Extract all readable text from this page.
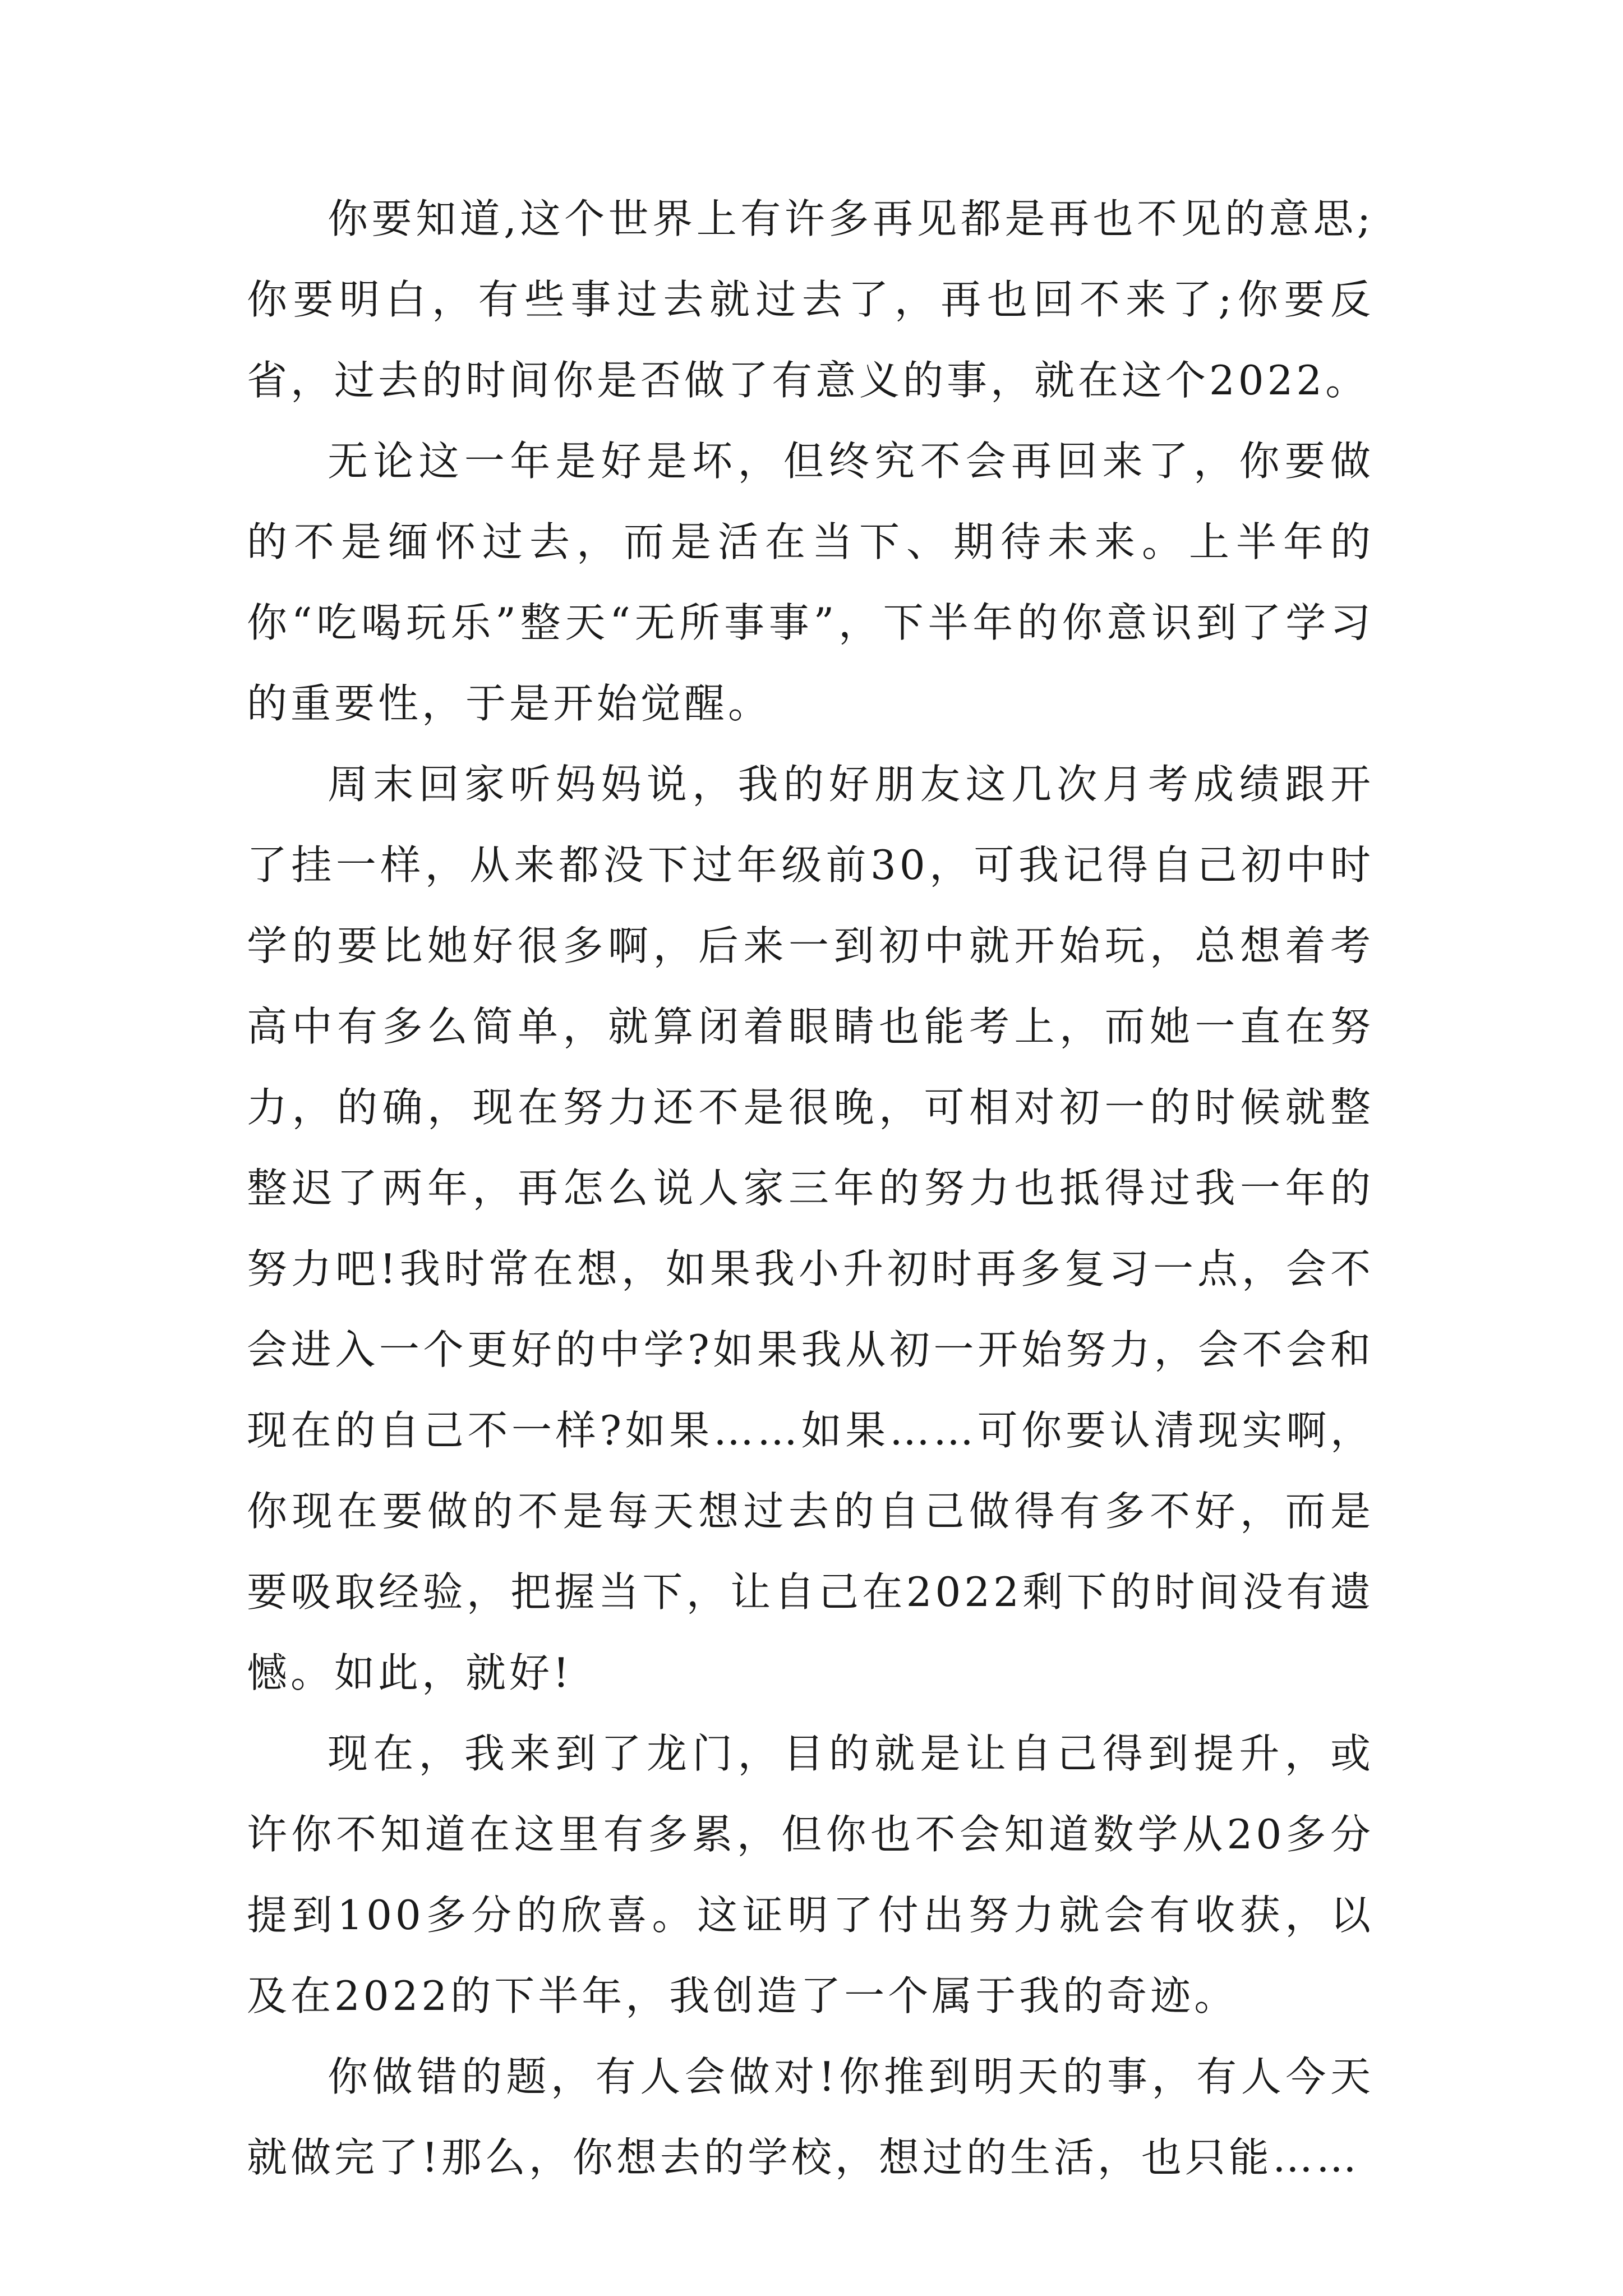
你要知道,这个世界上有许多再见都是再也不见的意思;你要明白，有些事过去就过去了，再也回不来了;你要反省，过去的时间你是否做了有意义的事，就在这个2022。

无论这一年是好是坏，但终究不会再回来了，你要做的不是缅怀过去，而是活在当下、期待未来。上半年的你“吃喝玩乐”整天“无所事事”，下半年的你意识到了学习的重要性，于是开始觉醒。

周末回家听妈妈说，我的好朋友这几次月考成绩跟开了挂一样，从来都没下过年级前30，可我记得自己初中时学的要比她好很多啊，后来一到初中就开始玩，总想着考高中有多么简单，就算闭着眼睛也能考上，而她一直在努力，的确，现在努力还不是很晚，可相对初一的时候就整整迟了两年，再怎么说人家三年的努力也抵得过我一年的努力吧!我时常在想，如果我小升初时再多复习一点，会不会进入一个更好的中学?如果我从初一开始努力，会不会和现在的自己不一样?如果……如果……可你要认清现实啊，你现在要做的不是每天想过去的自己做得有多不好，而是要吸取经验，把握当下，让自己在2022剩下的时间没有遗憾。如此，就好!

现在，我来到了龙门，目的就是让自己得到提升，或许你不知道在这里有多累，但你也不会知道数学从20多分提到100多分的欣喜。这证明了付出努力就会有收获，以及在2022的下半年，我创造了一个属于我的奇迹。

你做错的题，有人会做对!你推到明天的事，有人今天就做完了!那么，你想去的学校，想过的生活，也只能……
